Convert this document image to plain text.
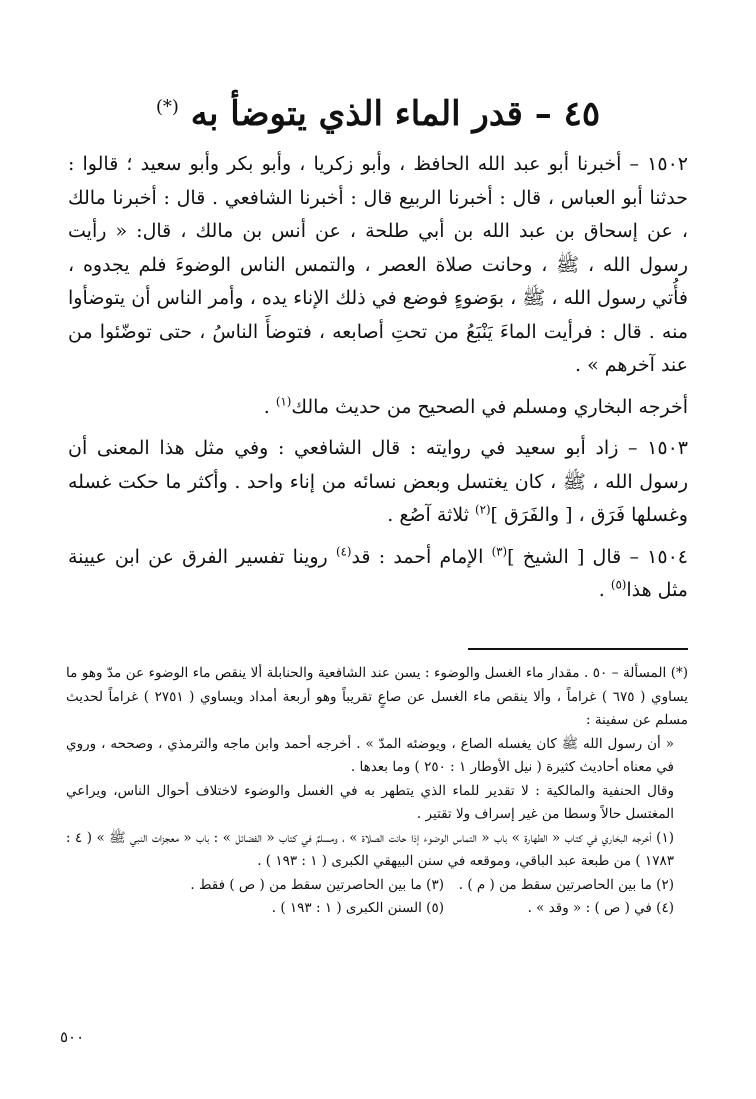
٤٥ – قدر الماء الذي يتوضأ به (*)

١٥٠٢ – أخبرنا أبو عبد الله الحافظ ، وأبو زكريا ، وأبو بكر وأبو سعيد ؛ قالوا : حدثنا أبو العباس ، قال : أخبرنا الربيع قال : أخبرنا الشافعي . قال : أخبرنا مالك ، عن إسحاق بن عبد الله بن أبي طلحة ، عن أنس بن مالك ، قال: « رأيت رسول الله ، ﷺ ، وحانت صلاة العصر ، والتمس الناس الوضوءَ فلم يجدوه ، فأُتي رسول الله ، ﷺ ، بوَضوءٍ فوضع في ذلك الإناء يده ، وأمر الناس أن يتوضأوا منه . قال : فرأيت الماءَ يَنْبَعُ من تحتِ أصابعه ، فتوضأَ الناسُ ، حتى توضّئوا من عند آخرهم » .

أخرجه البخاري ومسلم في الصحيح من حديث مالك$^{(١)}$ .

١٥٠٣ – زاد أبو سعيد في روايته : قال الشافعي : وفي مثل هذا المعنى أن رسول الله ، ﷺ ، كان يغتسل وبعض نسائه من إناء واحد . وأكثر ما حكت غسله وغسلها فَرَق ، [ والفَرَق ]$^{(٢)}$ ثلاثة آصُع .

١٥٠٤ – قال [ الشيخ ]$^{(٣)}$ الإمام أحمد : قد$^{(٤)}$ روينا تفسير الفرق عن ابن عيينة مثل هذا$^{(٥)}$ .

(*) المسألة – ٥٠ . مقدار ماء الغسل والوضوء : يسن عند الشافعية والحنابلة ألا ينقص ماء الوضوء عن مدّ وهو ما يساوي ( ٦٧٥ ) غراماً ، وألا ينقص ماء الغسل عن صاعٍ تقريباً وهو أربعة أمداد ويساوي ( ٢٧٥١ ) غراماً لحديث مسلم عن سفينة :

« أن رسول الله ﷺ كان يغسله الصاع ، ويوضئه المدّ » . أخرجه أحمد وابن ماجه والترمذي ، وصححه ، وروي في معناه أحاديث كثيرة ( نيل الأوطار ١ : ٢٥٠ ) وما بعدها .

وقال الحنفية والمالكية : لا تقدير للماء الذي يتطهر به في الغسل والوضوء لاختلاف أحوال الناس، ويراعي المغتسل حالاً وسطا من غير إسراف ولا تقتير .

(١) أخرجه البخاري في كتاب « الطهارة » باب « التماس الوضوء إذا حانت الصلاة » ، ومسلمٌ في كتاب « الفضائل » : باب « معجزات النبي ﷺ » ( ٤ : ١٧٨٣ ) من طبعة عبد الباقي، وموقعه في سنن البيهقي الكبرى ( ١ : ١٩٣ ) .

(٢) ما بين الحاصرتين سقط من ( م ) .
(٣) ما بين الحاصرتين سقط من ( ص ) فقط .
(٤) في ( ص ) : « وقد » .
(٥) السنن الكبرى ( ١ : ١٩٣ ) .
٥٠٠
